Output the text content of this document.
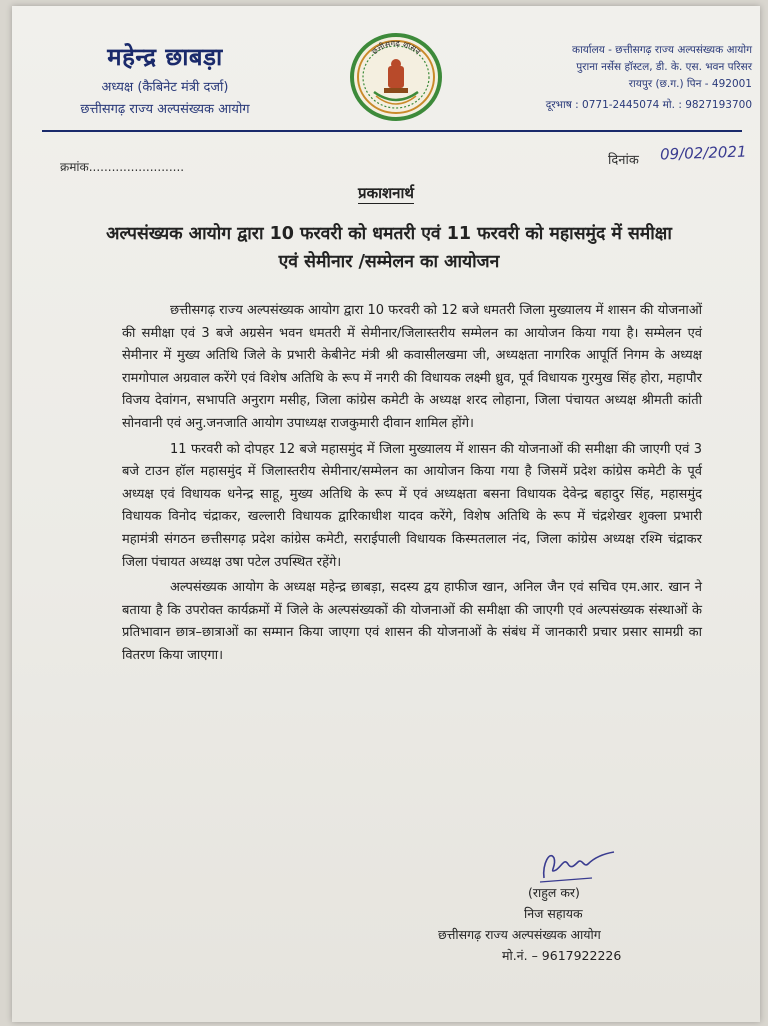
महेन्द्र छाबड़ा
अध्यक्ष (कैबिनेट मंत्री दर्जा)
छत्तीसगढ़ राज्य अल्पसंख्यक आयोग
छत्तीसगढ़ शासन	कार्यालय - छत्तीसगढ़ राज्य अल्पसंख्यक आयोग
पुराना नर्सेस हॉस्टल, डी. के. एस. भवन परिसर
रायपुर (छ.ग.) पिन - 492001
दूरभाष : 0771-2445074 मो. : 9827193700
क्रमांक.........................	दिनांक 09/02/2021
प्रकाशनार्थ
अल्पसंख्यक आयोग द्वारा 10 फरवरी को धमतरी एवं 11 फरवरी को महासमुंद में समीक्षा एवं सेमीनार /सम्मेलन का आयोजन

छत्तीसगढ़ राज्य अल्पसंख्यक आयोग द्वारा 10 फरवरी को 12 बजे धमतरी जिला मुख्यालय में शासन की योजनाओं की समीक्षा एवं 3 बजे अग्रसेन भवन धमतरी में सेमीनार/जिलास्तरीय सम्मेलन का आयोजन किया गया है। सम्मेलन एवं सेमीनार में मुख्य अतिथि जिले के प्रभारी केबीनेट मंत्री श्री कवासीलखमा जी, अध्यक्षता नागरिक आपूर्ति निगम के अध्यक्ष रामगोपाल अग्रवाल करेंगे एवं विशेष अतिथि के रूप में नगरी की विधायक लक्ष्मी ध्रुव, पूर्व विधायक गुरमुख सिंह होरा, महापौर विजय देवांगन, सभापति अनुराग मसीह, जिला कांग्रेस कमेटी के अध्यक्ष शरद लोहाना, जिला पंचायत अध्यक्ष श्रीमती कांती सोनवानी एवं अनु.जनजाति आयोग उपाध्यक्ष राजकुमारी दीवान शामिल होंगे।

11 फरवरी को दोपहर 12 बजे महासमुंद में जिला मुख्यालय में शासन की योजनाओं की समीक्षा की जाएगी एवं 3 बजे टाउन हॉल महासमुंद में जिलास्तरीय सेमीनार/सम्मेलन का आयोजन किया गया है जिसमें प्रदेश कांग्रेस कमेटी के पूर्व अध्यक्ष एवं विधायक धनेन्द्र साहू, मुख्य अतिथि के रूप में एवं अध्यक्षता बसना विधायक देवेन्द्र बहादुर सिंह, महासमुंद विधायक विनोद चंद्राकर, खल्लारी विधायक द्वारिकाधीश यादव करेंगे, विशेष अतिथि के रूप में चंद्रशेखर शुक्ला प्रभारी महामंत्री संगठन छत्तीसगढ़ प्रदेश कांग्रेस कमेटी, सराईपाली विधायक किस्मतलाल नंद, जिला कांग्रेस अध्यक्ष रश्मि चंद्राकर जिला पंचायत अध्यक्ष उषा पटेल उपस्थित रहेंगे।

अल्पसंख्यक आयोग के अध्यक्ष महेन्द्र छाबड़ा, सदस्य द्वय हाफीज खान, अनिल जैन एवं सचिव एम.आर. खान ने बताया है कि उपरोक्त कार्यक्रमों में जिले के अल्पसंख्यकों की योजनाओं की समीक्षा की जाएगी एवं अल्पसंख्यक संस्थाओं के प्रतिभावान छात्र–छात्राओं का सम्मान किया जाएगा एवं शासन की योजनाओं के संबंध में जानकारी प्रचार प्रसार सामग्री का वितरण किया जाएगा।

(राहुल कर)
निज सहायक
छत्तीसगढ़ राज्य अल्पसंख्यक आयोग
मो.नं. – 9617922226
